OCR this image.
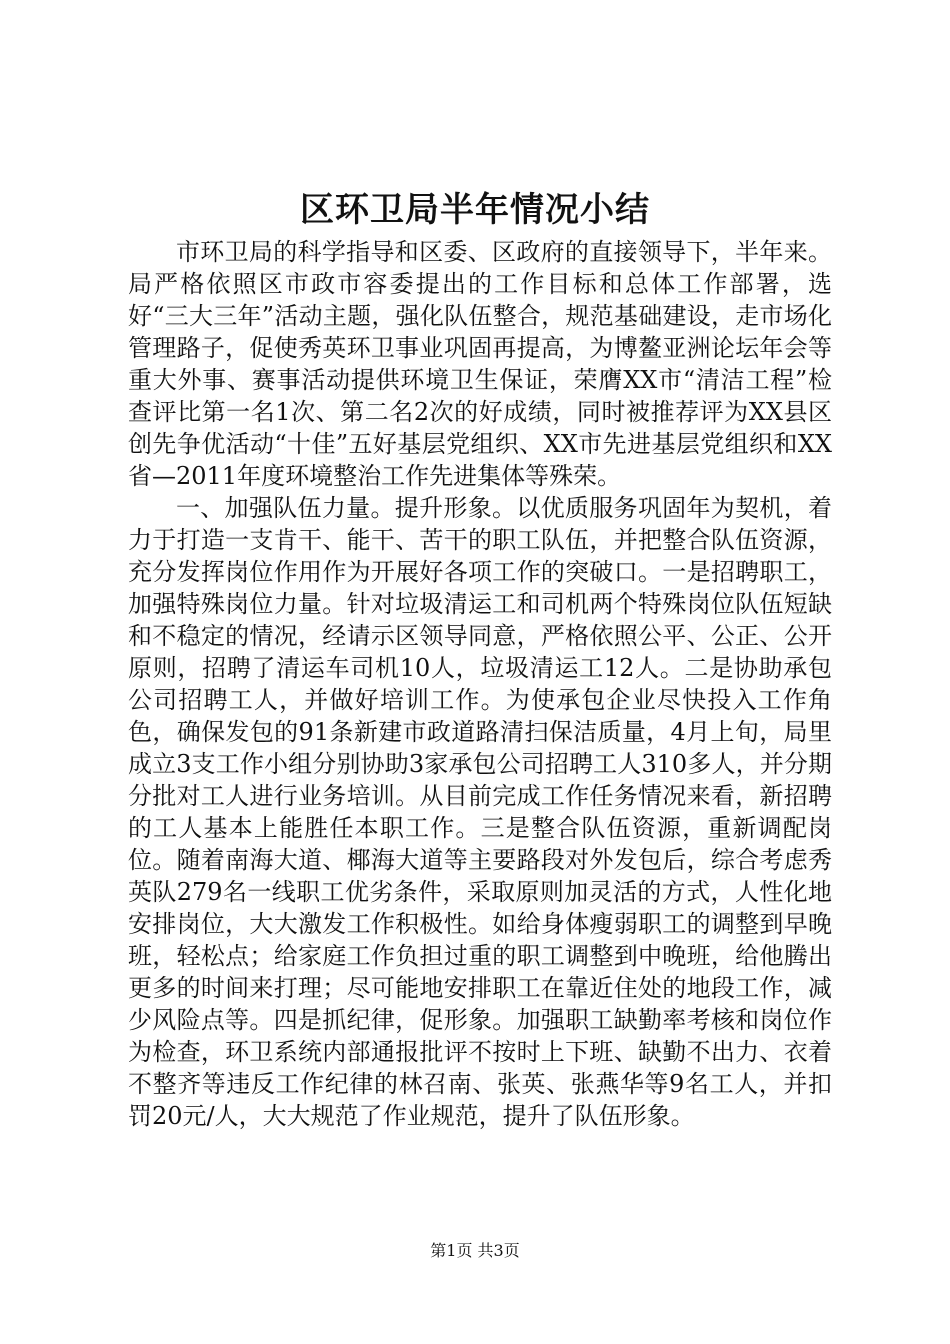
区环卫局半年情况小结

市环卫局的科学指导和区委、区政府的直接领导下，半年来。局严格依照区市政市容委提出的工作目标和总体工作部署，选好“三大三年”活动主题，强化队伍整合，规范基础建设，走市场化管理路子，促使秀英环卫事业巩固再提高，为博鳌亚洲论坛年会等重大外事、赛事活动提供环境卫生保证，荣膺XX市“清洁工程”检查评比第一名1次、第二名2次的好成绩，同时被推荐评为XX县区创先争优活动“十佳”五好基层党组织、XX市先进基层党组织和XX省—2011年度环境整治工作先进集体等殊荣。

一、加强队伍力量。提升形象。以优质服务巩固年为契机，着力于打造一支肯干、能干、苦干的职工队伍，并把整合队伍资源，充分发挥岗位作用作为开展好各项工作的突破口。一是招聘职工，加强特殊岗位力量。针对垃圾清运工和司机两个特殊岗位队伍短缺和不稳定的情况，经请示区领导同意，严格依照公平、公正、公开原则，招聘了清运车司机10人，垃圾清运工12人。二是协助承包公司招聘工人，并做好培训工作。为使承包企业尽快投入工作角色，确保发包的91条新建市政道路清扫保洁质量，4月上旬，局里成立3支工作小组分别协助3家承包公司招聘工人310多人，并分期分批对工人进行业务培训。从目前完成工作任务情况来看，新招聘的工人基本上能胜任本职工作。三是整合队伍资源，重新调配岗位。随着南海大道、椰海大道等主要路段对外发包后，综合考虑秀英队279名一线职工优劣条件，采取原则加灵活的方式，人性化地安排岗位，大大激发工作积极性。如给身体瘦弱职工的调整到早晚班，轻松点；给家庭工作负担过重的职工调整到中晚班，给他腾出更多的时间来打理；尽可能地安排职工在靠近住处的地段工作，减少风险点等。四是抓纪律，促形象。加强职工缺勤率考核和岗位作为检查，环卫系统内部通报批评不按时上下班、缺勤不出力、衣着不整齐等违反工作纪律的林召南、张英、张燕华等9名工人，并扣罚20元/人，大大规范了作业规范，提升了队伍形象。

第1页 共3页
